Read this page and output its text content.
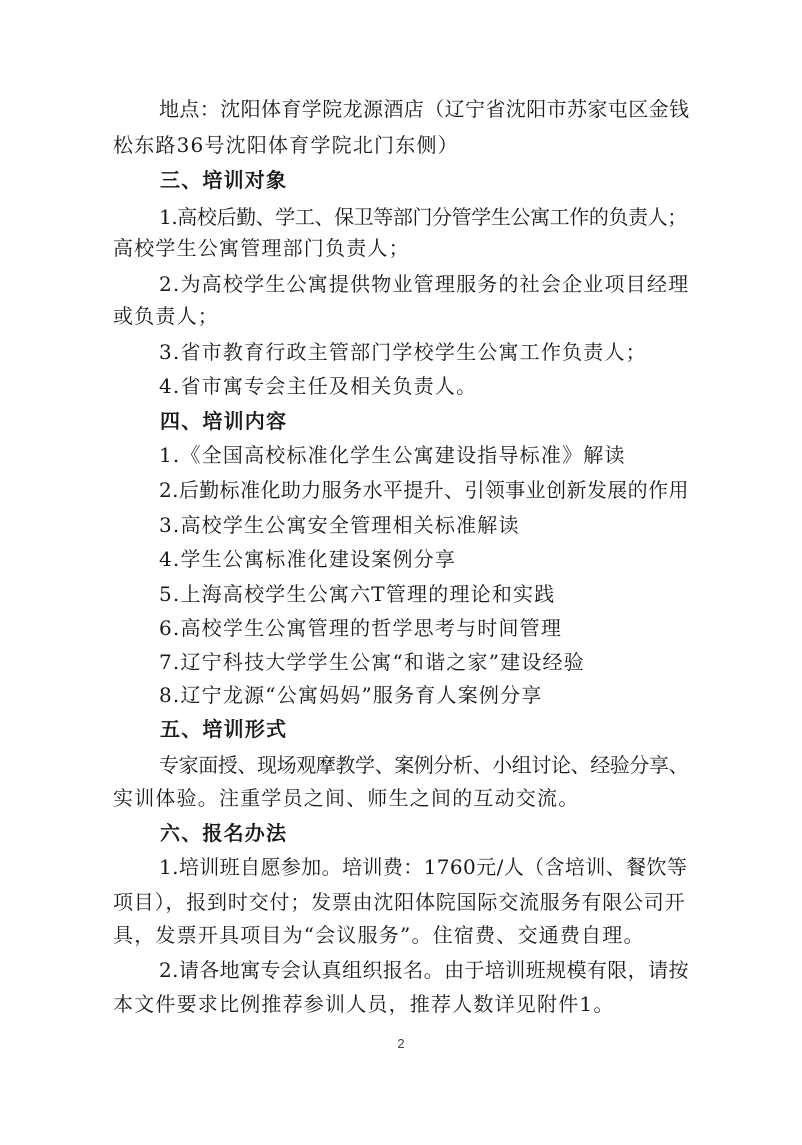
地点：沈阳体育学院龙源酒店（辽宁省沈阳市苏家屯区金钱
松东路36号沈阳体育学院北门东侧）
三、培训对象
1.高校后勤、学工、保卫等部门分管学生公寓工作的负责人；
高校学生公寓管理部门负责人；
2.为高校学生公寓提供物业管理服务的社会企业项目经理
或负责人；
3.省市教育行政主管部门学校学生公寓工作负责人；
4.省市寓专会主任及相关负责人。
四、培训内容
1.《全国高校标准化学生公寓建设指导标准》解读
2.后勤标准化助力服务水平提升、引领事业创新发展的作用
3.高校学生公寓安全管理相关标准解读
4.学生公寓标准化建设案例分享
5.上海高校学生公寓六T管理的理论和实践
6.高校学生公寓管理的哲学思考与时间管理
7.辽宁科技大学学生公寓“和谐之家”建设经验
8.辽宁龙源“公寓妈妈”服务育人案例分享
五、培训形式
专家面授、现场观摩教学、案例分析、小组讨论、经验分享、
实训体验。注重学员之间、师生之间的互动交流。
六、报名办法
1.培训班自愿参加。培训费：1760元/人（含培训、餐饮等
项目），报到时交付；发票由沈阳体院国际交流服务有限公司开
具，发票开具项目为“会议服务”。住宿费、交通费自理。
2.请各地寓专会认真组织报名。由于培训班规模有限，请按
本文件要求比例推荐参训人员，推荐人数详见附件1。
2
